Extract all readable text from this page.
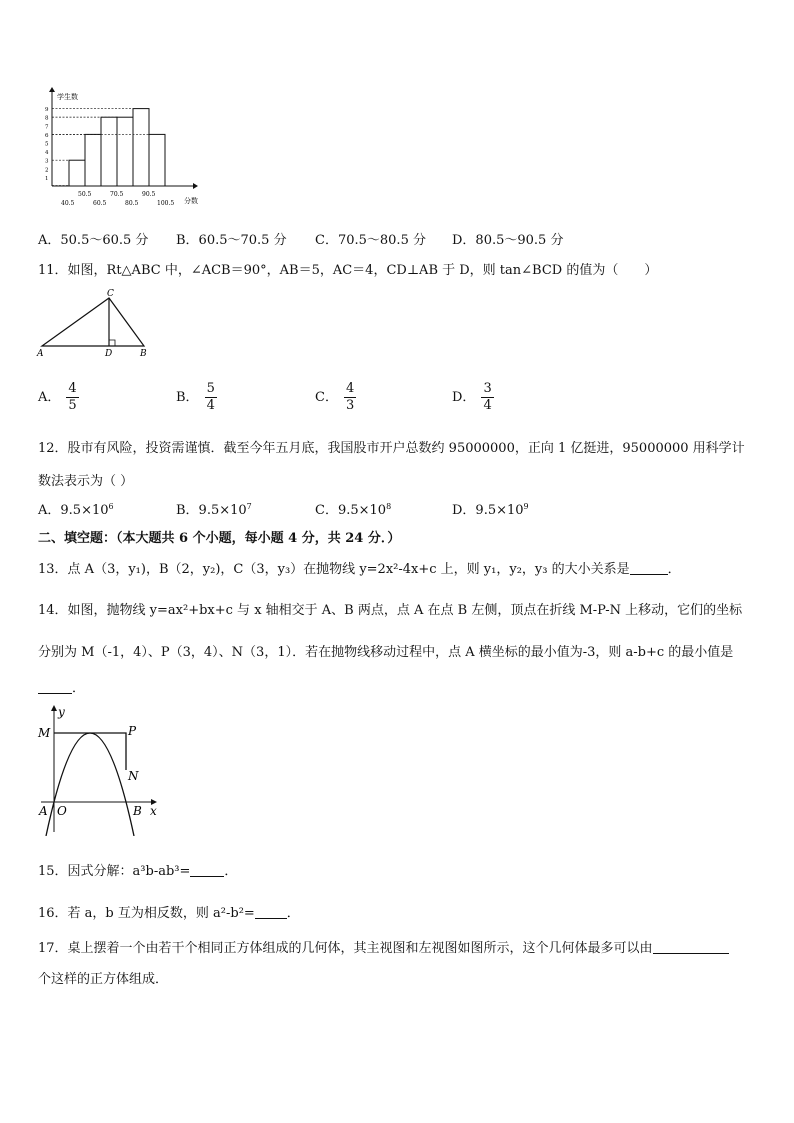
学生数
分数
1
2
3
4
5
6
7
8
9
50.5	70.5	90.5
40.5	60.5	80.5	100.5
A．50.5～60.5 分 B．60.5～70.5 分 C．70.5～80.5 分 D．80.5～90.5 分
11．如图，Rt△ABC 中，∠ACB＝90°，AB＝5，AC＝4，CD⊥AB 于 D，则 tan∠BCD 的值为（　　）
C
A	D	B
A． $\frac{4}{5}$	B． $\frac{5}{4}$	C． $\frac{4}{3}$	D． $\frac{3}{4}$
12．股市有风险，投资需谨慎．截至今年五月底，我国股市开户总数约 95000000，正向 1 亿挺进，95000000 用科学计
数法表示为（ ）
A．$9.5\times 10^6$	B．$9.5\times 10^7$	C．$9.5\times 10^8$	D．$9.5\times 10^9$
二、填空题：（本大题共 6 个小题，每小题 4 分，共 24 分．）
13．点 A（3，y₁)，B（2，y₂)，C（3，y₃）在抛物线 y=2x²-4x+c 上，则 y₁，y₂，y₃ 的大小关系是	．
14．如图，抛物线 y=ax²+bx+c 与 x 轴相交于 A、B 两点，点 A 在点 B 左侧，顶点在折线 M-P-N 上移动，它们的坐标
分别为 M（-1，4）、P（3，4）、N（3，1）．若在抛物线移动过程中，点 A 横坐标的最小值为-3，则 a-b+c 的最小值是
．
y
M	P
N
A O	B x
15．因式分解：a³b-ab³=	．
16．若 a，b 互为相反数，则 a²-b²= ．
17．桌上摆着一个由若干个相同正方体组成的几何体，其主视图和左视图如图所示，这个几何体最多可以由
个这样的正方体组成．
